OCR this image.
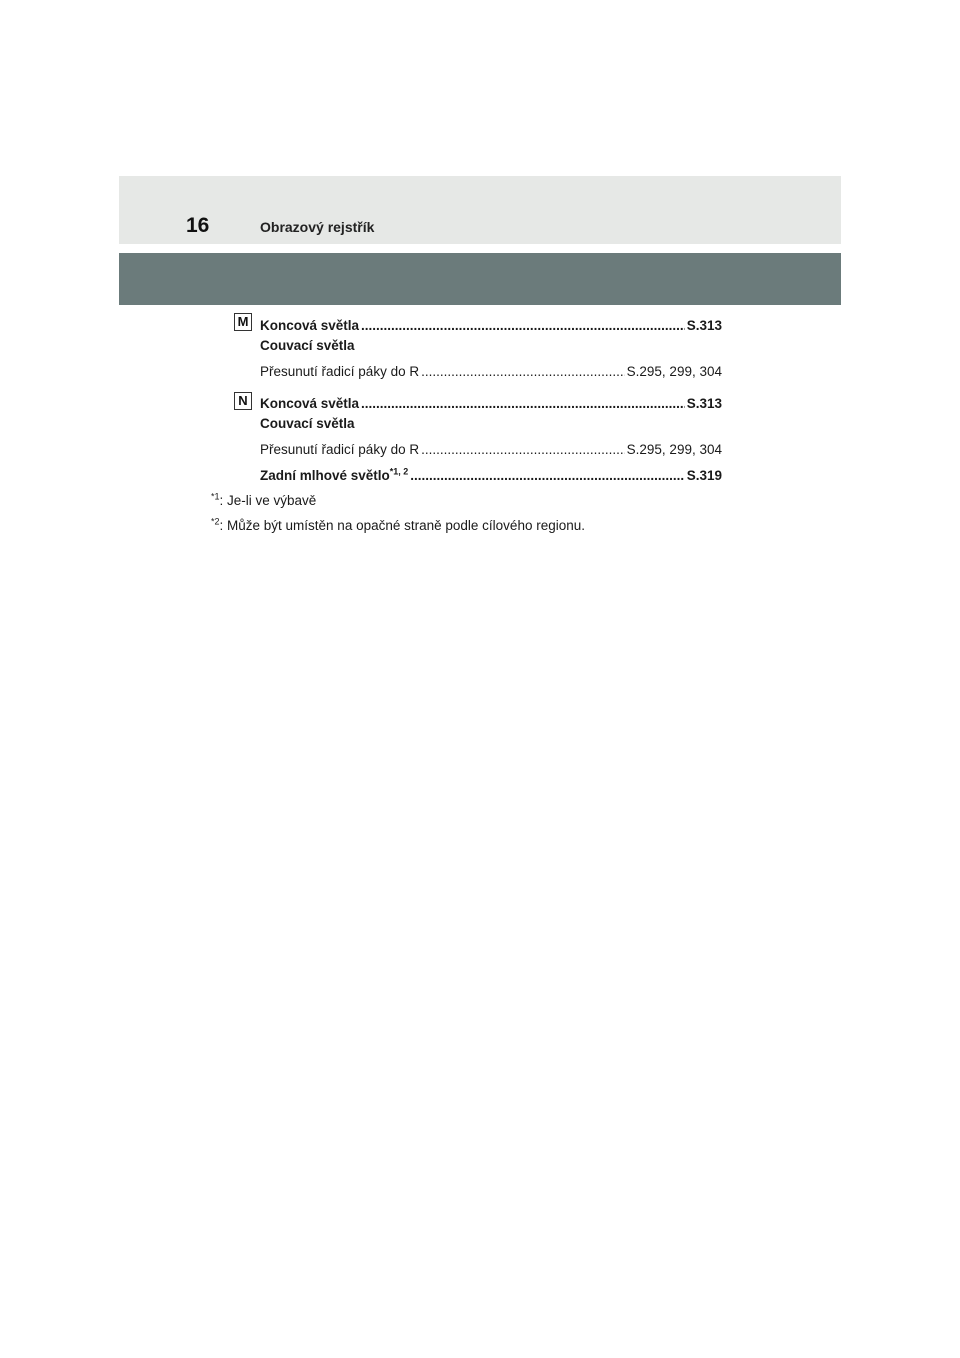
16	Obrazový rejstřík
M Koncová světla .....	S.313
Couvací světla
Přesunutí řadicí páky do R .....	S.295, 299, 304
N Koncová světla .....	S.313
Couvací světla
Přesunutí řadicí páky do R .....	S.295, 299, 304
Zadní mlhové světlo$^{*1, 2}$ .....	S.319
$^{*1}$: Je-li ve výbavě
$^{*2}$: Může být umístěn na opačné straně podle cílového regionu.
